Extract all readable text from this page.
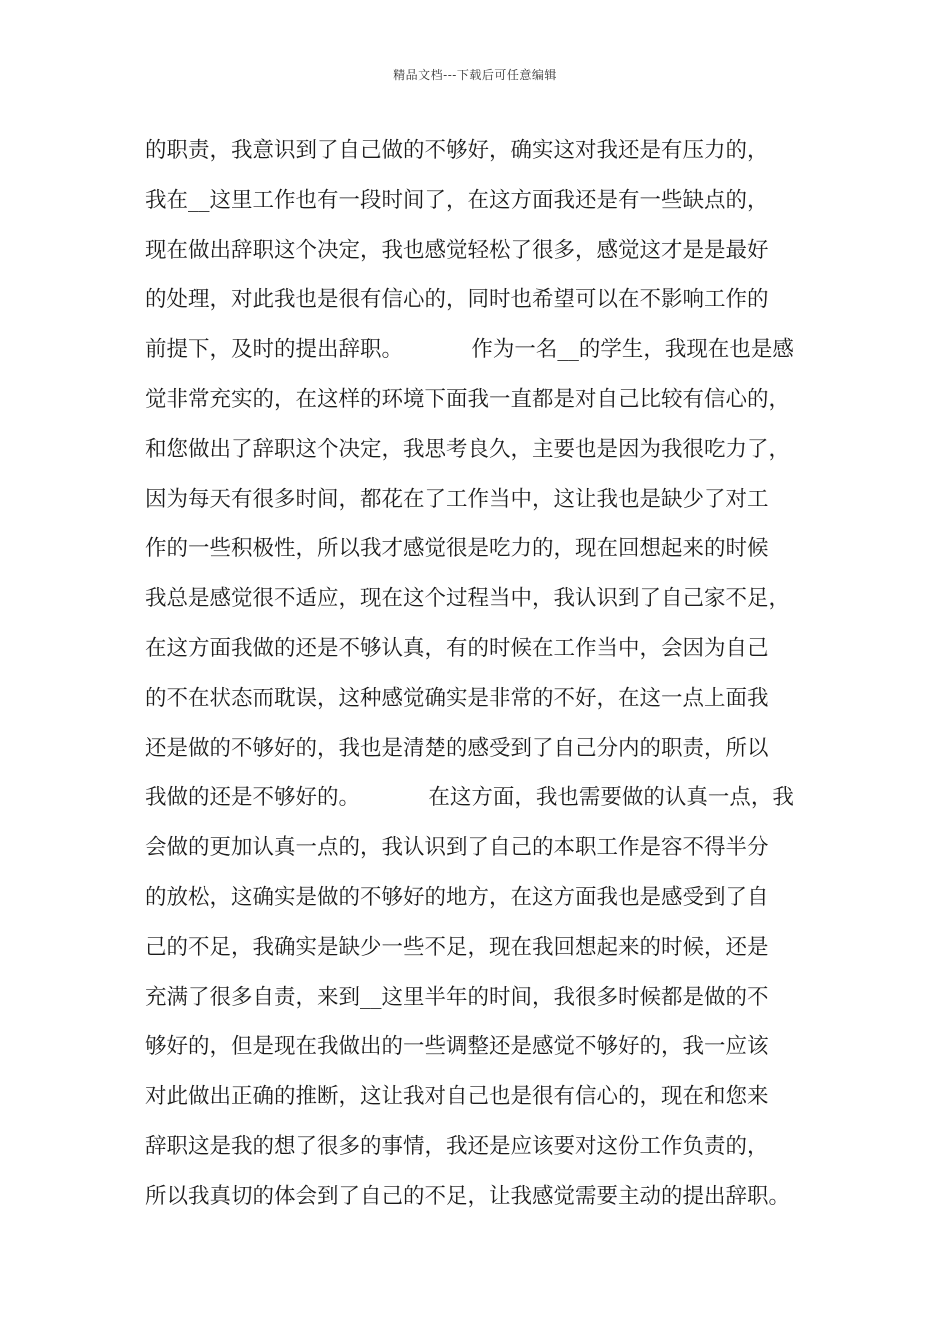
精品文档---下载后可任意编辑
的职责，我意识到了自己做的不够好，确实这对我还是有压力的，
我在__这里工作也有一段时间了，在这方面我还是有一些缺点的，
现在做出辞职这个决定，我也感觉轻松了很多，感觉这才是是最好
的处理，对此我也是很有信心的，同时也希望可以在不影响工作的
前提下，及时的提出辞职。          作为一名__的学生，我现在也是感
觉非常充实的，在这样的环境下面我一直都是对自己比较有信心的，
和您做出了辞职这个决定，我思考良久，主要也是因为我很吃力了，
因为每天有很多时间，都花在了工作当中，这让我也是缺少了对工
作的一些积极性，所以我才感觉很是吃力的，现在回想起来的时候
我总是感觉很不适应，现在这个过程当中，我认识到了自己家不足，
在这方面我做的还是不够认真，有的时候在工作当中，会因为自己
的不在状态而耽误，这种感觉确实是非常的不好，在这一点上面我
还是做的不够好的，我也是清楚的感受到了自己分内的职责，所以
我做的还是不够好的。          在这方面，我也需要做的认真一点，我
会做的更加认真一点的，我认识到了自己的本职工作是容不得半分
的放松，这确实是做的不够好的地方，在这方面我也是感受到了自
己的不足，我确实是缺少一些不足，现在我回想起来的时候，还是
充满了很多自责，来到__这里半年的时间，我很多时候都是做的不
够好的，但是现在我做出的一些调整还是感觉不够好的，我一应该
对此做出正确的推断，这让我对自己也是很有信心的，现在和您来
辞职这是我的想了很多的事情，我还是应该要对这份工作负责的，
所以我真切的体会到了自己的不足，让我感觉需要主动的提出辞职。
